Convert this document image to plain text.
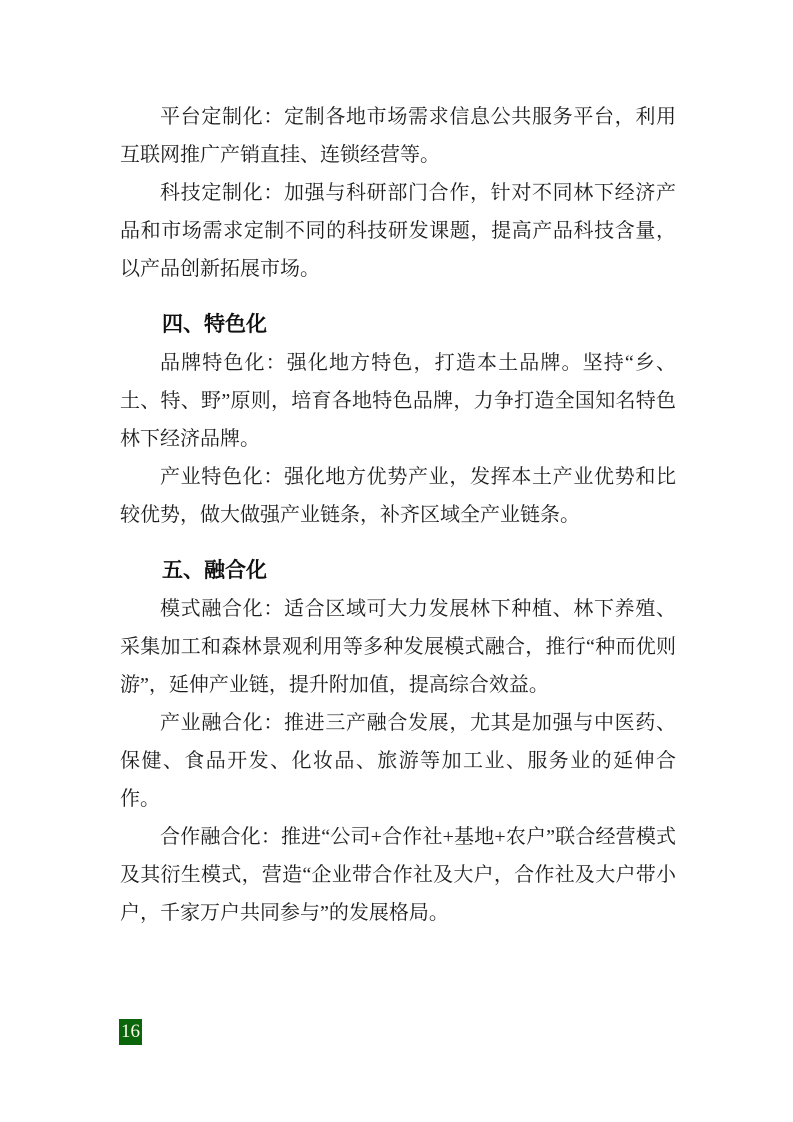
平台定制化：定制各地市场需求信息公共服务平台，利用互联网推广产销直挂、连锁经营等。

科技定制化：加强与科研部门合作，针对不同林下经济产品和市场需求定制不同的科技研发课题，提高产品科技含量，以产品创新拓展市场。

四、特色化

品牌特色化：强化地方特色，打造本土品牌。坚持“乡、土、特、野”原则，培育各地特色品牌，力争打造全国知名特色林下经济品牌。

产业特色化：强化地方优势产业，发挥本土产业优势和比较优势，做大做强产业链条，补齐区域全产业链条。

五、融合化

模式融合化：适合区域可大力发展林下种植、林下养殖、采集加工和森林景观利用等多种发展模式融合，推行“种而优则游”，延伸产业链，提升附加值，提高综合效益。

产业融合化：推进三产融合发展，尤其是加强与中医药、保健、食品开发、化妆品、旅游等加工业、服务业的延伸合作。

合作融合化：推进“公司+合作社+基地+农户”联合经营模式及其衍生模式，营造“企业带合作社及大户，合作社及大户带小户，千家万户共同参与”的发展格局。

16
